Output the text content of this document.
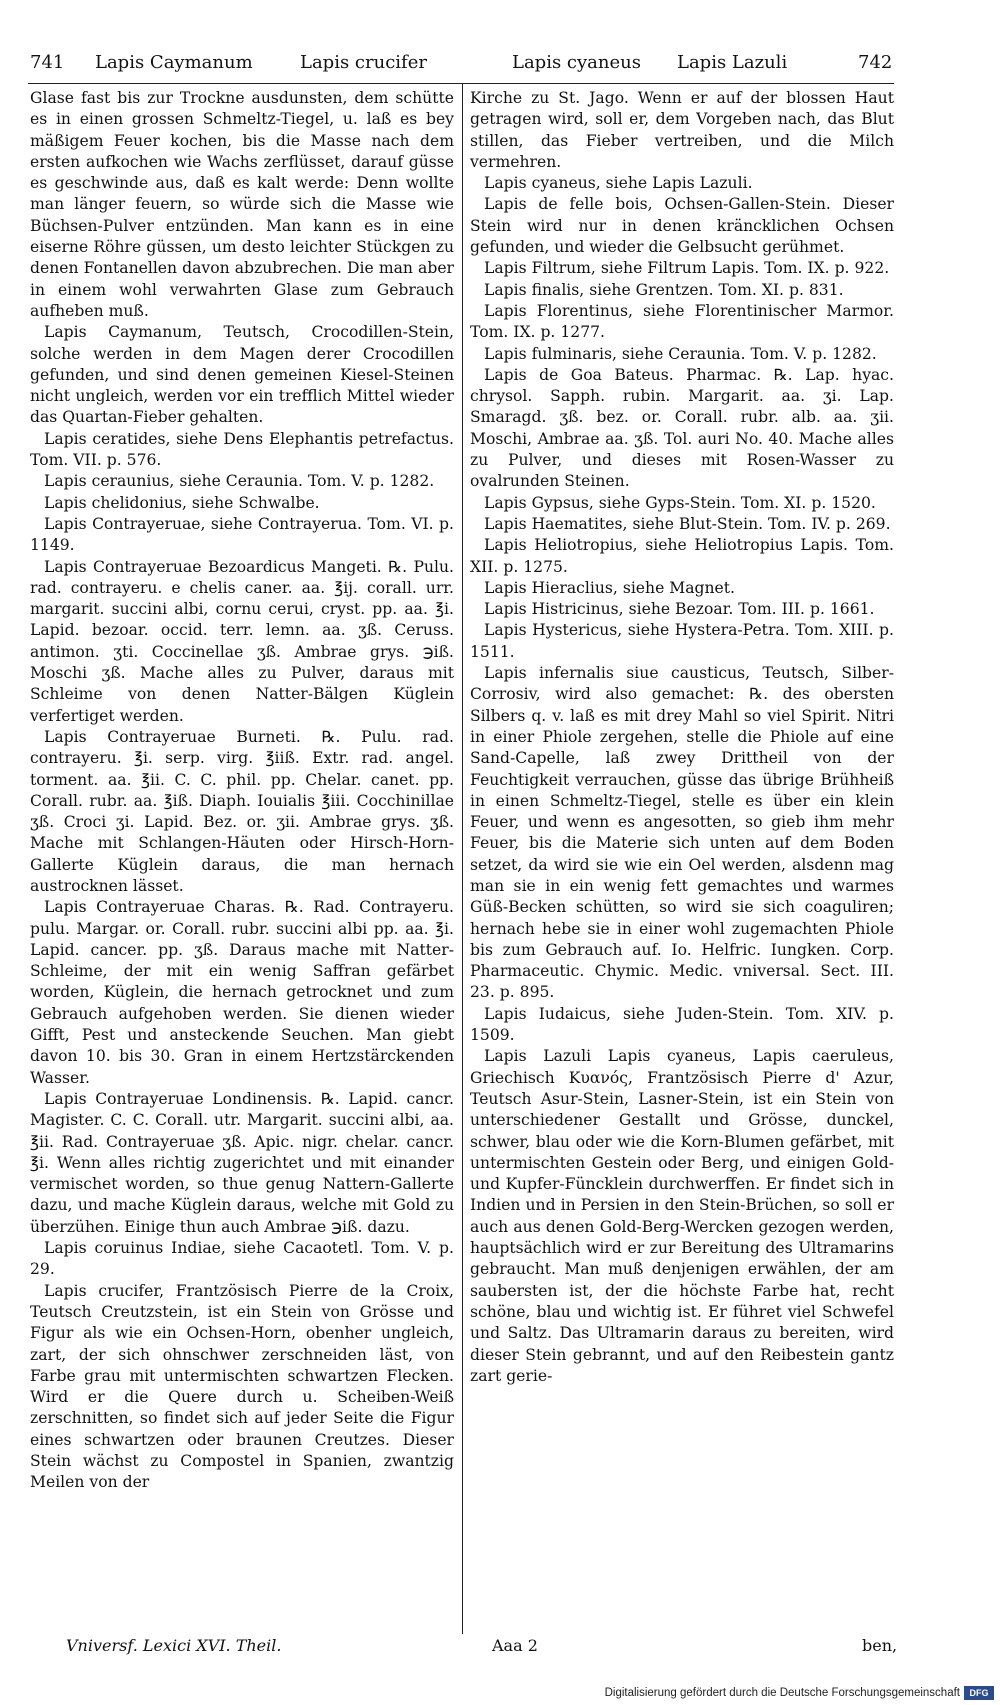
741 Lapis Caymanum	Lapis crucifer	Lapis cyaneus Lapis Lazuli	742

Glase fast bis zur Trockne ausdunsten, dem schütte es in einen grossen Schmeltz-Tiegel, u. laß es bey mäßigem Feuer kochen, bis die Masse nach dem ersten aufkochen wie Wachs zerflüsset, darauf güsse es geschwinde aus, daß es kalt werde: Denn wollte man länger feuern, so würde sich die Masse wie Büchsen-Pulver entzünden. Man kann es in eine eiserne Röhre güssen, um desto leichter Stückgen zu denen Fontanellen davon abzubrechen. Die man aber in einem wohl verwahrten Glase zum Gebrauch aufheben muß.

Lapis Caymanum, Teutsch, Crocodillen-Stein, solche werden in dem Magen derer Crocodillen gefunden, und sind denen gemeinen Kiesel-Steinen nicht ungleich, werden vor ein trefflich Mittel wieder das Quartan-Fieber gehalten.

Lapis ceratides, siehe Dens Elephantis petrefactus. Tom. VII. p. 576.

Lapis ceraunius, siehe Ceraunia. Tom. V. p. 1282.

Lapis chelidonius, siehe Schwalbe.

Lapis Contrayeruae, siehe Contrayerua. Tom. VI. p. 1149.

Lapis Contrayeruae Bezoardicus Mangeti. ℞. Pulu. rad. contrayeru. e chelis caner. aa. ℥ij. corall. urr. margarit. succini albi, cornu cerui, cryst. pp. aa. ℥i. Lapid. bezoar. occid. terr. lemn. aa. ʒß. Ceruss. antimon. ʒti. Coccinellae ʒß. Ambrae grys. ℈iß. Moschi ʒß. Mache alles zu Pulver, daraus mit Schleime von denen Natter-Bälgen Küglein verfertiget werden.

Lapis Contrayeruae Burneti. ℞. Pulu. rad. contrayeru. ℥i. serp. virg. ℥iiß. Extr. rad. angel. torment. aa. ℥ii. C. C. phil. pp. Chelar. canet. pp. Corall. rubr. aa. ℥iß. Diaph. Iouialis ℥iii. Cocchinillae ʒß. Croci ʒi. Lapid. Bez. or. ʒii. Ambrae grys. ʒß. Mache mit Schlangen-Häuten oder Hirsch-Horn-Gallerte Küglein daraus, die man hernach austrocknen lässet.

Lapis Contrayeruae Charas. ℞. Rad. Contrayeru. pulu. Margar. or. Corall. rubr. succini albi pp. aa. ℥i. Lapid. cancer. pp. ʒß. Daraus mache mit Natter-Schleime, der mit ein wenig Saffran gefärbet worden, Küglein, die hernach getrocknet und zum Gebrauch aufgehoben werden. Sie dienen wieder Gifft, Pest und ansteckende Seuchen. Man giebt davon 10. bis 30. Gran in einem Hertzstärckenden Wasser.

Lapis Contrayeruae Londinensis. ℞. Lapid. cancr. Magister. C. C. Corall. utr. Margarit. succini albi, aa. ℥ii. Rad. Contrayeruae ʒß. Apic. nigr. chelar. cancr. ℥i. Wenn alles richtig zugerichtet und mit einander vermischet worden, so thue genug Nattern-Gallerte dazu, und mache Küglein daraus, welche mit Gold zu überzühen. Einige thun auch Ambrae ℈iß. dazu.

Lapis coruinus Indiae, siehe Cacaotetl. Tom. V. p. 29.

Lapis crucifer, Frantzösisch Pierre de la Croix, Teutsch Creutzstein, ist ein Stein von Grösse und Figur als wie ein Ochsen-Horn, obenher ungleich, zart, der sich ohnschwer zerschneiden läst, von Farbe grau mit untermischten schwartzen Flecken. Wird er die Quere durch u. Scheiben-Weiß zerschnitten, so findet sich auf jeder Seite die Figur eines schwartzen oder braunen Creutzes. Dieser Stein wächst zu Compostel in Spanien, zwantzig Meilen von der

Kirche zu St. Jago. Wenn er auf der blossen Haut getragen wird, soll er, dem Vorgeben nach, das Blut stillen, das Fieber vertreiben, und die Milch vermehren.

Lapis cyaneus, siehe Lapis Lazuli.

Lapis de felle bois, Ochsen-Gallen-Stein. Dieser Stein wird nur in denen kräncklichen Ochsen gefunden, und wieder die Gelbsucht gerühmet.

Lapis Filtrum, siehe Filtrum Lapis. Tom. IX. p. 922.

Lapis finalis, siehe Grentzen. Tom. XI. p. 831.

Lapis Florentinus, siehe Florentinischer Marmor. Tom. IX. p. 1277.

Lapis fulminaris, siehe Ceraunia. Tom. V. p. 1282.

Lapis de Goa Bateus. Pharmac. ℞. Lap. hyac. chrysol. Sapph. rubin. Margarit. aa. ʒi. Lap. Smaragd. ʒß. bez. or. Corall. rubr. alb. aa. ʒii. Moschi, Ambrae aa. ʒß. Tol. auri No. 40. Mache alles zu Pulver, und dieses mit Rosen-Wasser zu ovalrunden Steinen.

Lapis Gypsus, siehe Gyps-Stein. Tom. XI. p. 1520.

Lapis Haematites, siehe Blut-Stein. Tom. IV. p. 269.

Lapis Heliotropius, siehe Heliotropius Lapis. Tom. XII. p. 1275.

Lapis Hieraclius, siehe Magnet.

Lapis Histricinus, siehe Bezoar. Tom. III. p. 1661.

Lapis Hystericus, siehe Hystera-Petra. Tom. XIII. p. 1511.

Lapis infernalis siue causticus, Teutsch, Silber-Corrosiv, wird also gemachet: ℞. des obersten Silbers q. v. laß es mit drey Mahl so viel Spirit. Nitri in einer Phiole zergehen, stelle die Phiole auf eine Sand-Capelle, laß zwey Drittheil von der Feuchtigkeit verrauchen, güsse das übrige Brühheiß in einen Schmeltz-Tiegel, stelle es über ein klein Feuer, und wenn es angesotten, so gieb ihm mehr Feuer, bis die Materie sich unten auf dem Boden setzet, da wird sie wie ein Oel werden, alsdenn mag man sie in ein wenig fett gemachtes und warmes Güß-Becken schütten, so wird sie sich coaguliren; hernach hebe sie in einer wohl zugemachten Phiole bis zum Gebrauch auf. Io. Helfric. Iungken. Corp. Pharmaceutic. Chymic. Medic. vniversal. Sect. III. 23. p. 895.

Lapis Iudaicus, siehe Juden-Stein. Tom. XIV. p. 1509.

Lapis Lazuli Lapis cyaneus, Lapis caeruleus, Griechisch Κυανός, Frantzösisch Pierre d' Azur, Teutsch Asur-Stein, Lasner-Stein, ist ein Stein von unterschiedener Gestallt und Grösse, dunckel, schwer, blau oder wie die Korn-Blumen gefärbet, mit untermischten Gestein oder Berg, und einigen Gold- und Kupfer-Füncklein durchwerffen. Er findet sich in Indien und in Persien in den Stein-Brüchen, so soll er auch aus denen Gold-Berg-Wercken gezogen werden, hauptsächlich wird er zur Bereitung des Ultramarins gebraucht. Man muß denjenigen erwählen, der am saubersten ist, der die höchste Farbe hat, recht schöne, blau und wichtig ist. Er führet viel Schwefel und Saltz. Das Ultramarin daraus zu bereiten, wird dieser Stein gebrannt, und auf den Reibestein gantz zart gerie-

Vniversf. Lexici XVI. Theil.	Aaa 2	ben,
Digitalisierung gefördert durch die Deutsche Forschungsgemeinschaft	DFG
